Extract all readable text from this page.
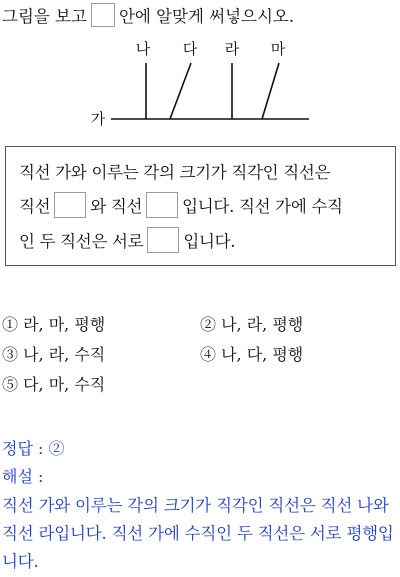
그림을 보고 안에 알맞게 써넣으시오.
나 다 라 마
가
직선 가와 이루는 각의 크기가 직각인 직선은
직선 와 직선 입니다. 직선 가에 수직
인 두 직선은 서로 입니다.
① 라, 마, 평행	② 나, 라, 평행
③ 나, 라, 수직	④ 나, 다, 평행
⑤ 다, 마, 수직
정답 : ②
해설 :
직선 가와 이루는 각의 크기가 직각인 직선은 직선 나와 직선 라입니다. 직선 가에 수직인 두 직선은 서로 평행입니다.
